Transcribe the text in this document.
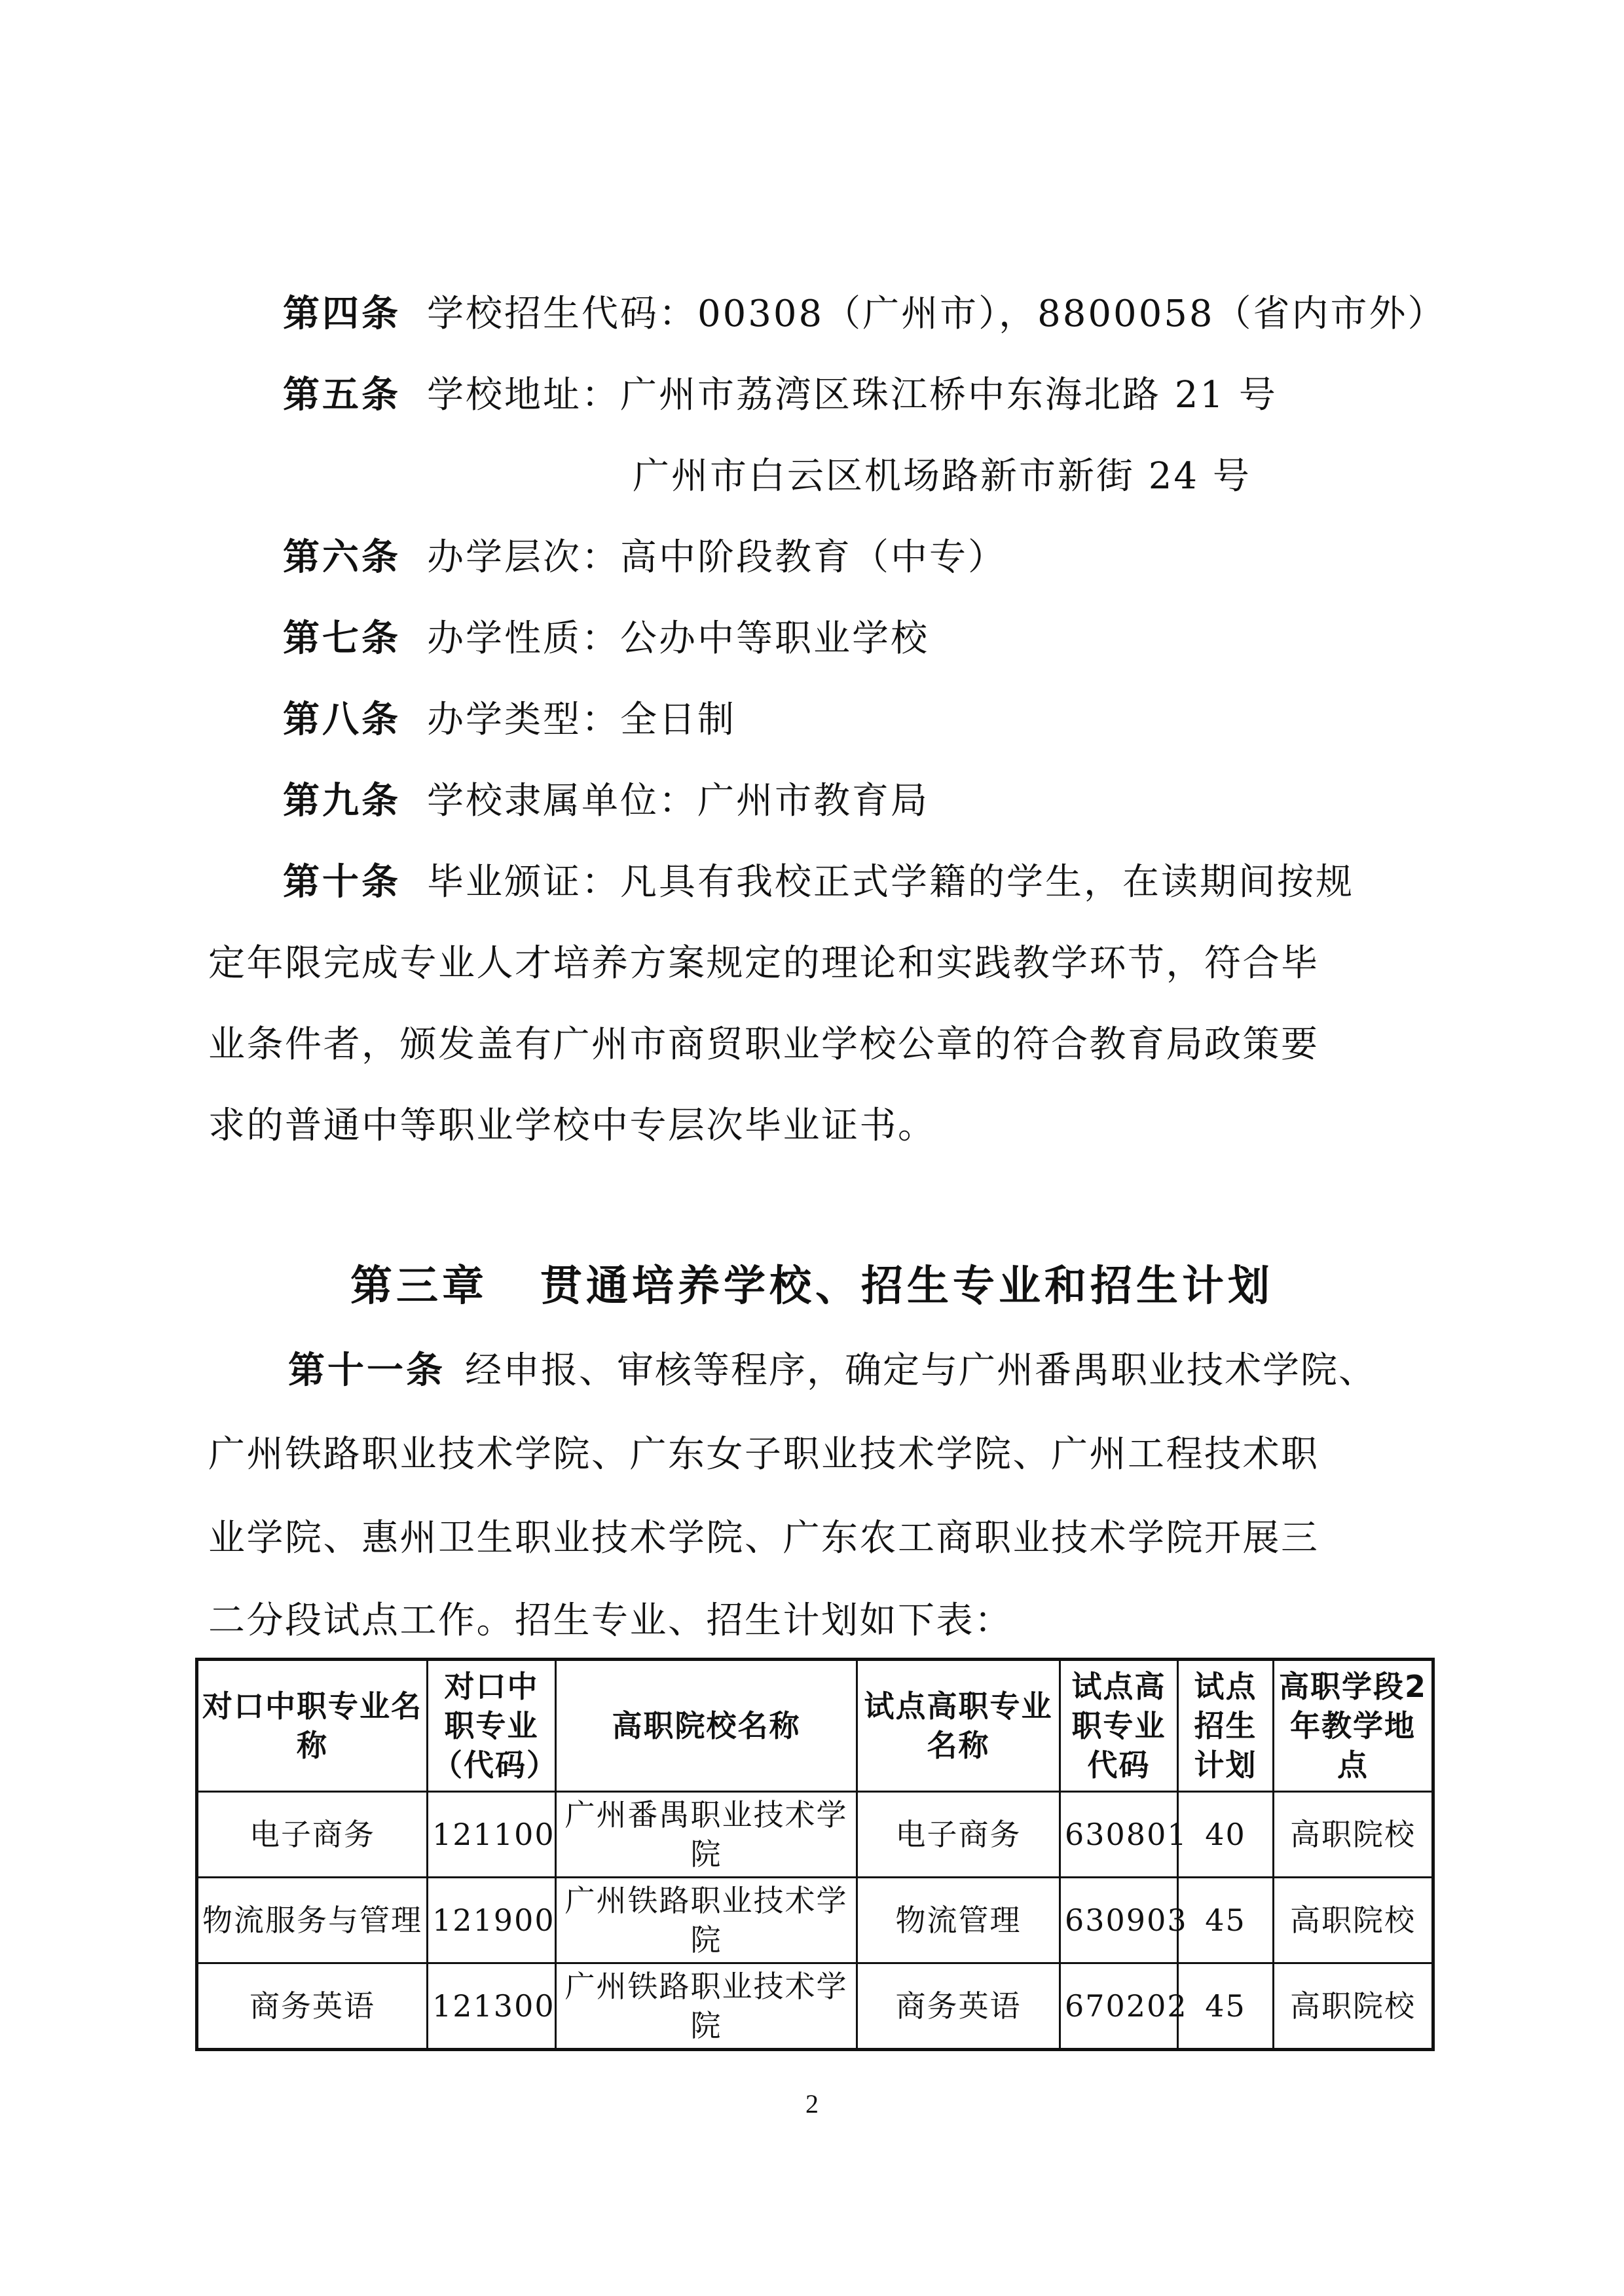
第四条 学校招生代码：00308（广州市），8800058（省内市外）
第五条 学校地址：广州市荔湾区珠江桥中东海北路 21 号
广州市白云区机场路新市新街 24 号
第六条 办学层次：高中阶段教育（中专）
第七条 办学性质：公办中等职业学校
第八条 办学类型：全日制
第九条 学校隶属单位：广州市教育局
第十条 毕业颁证：凡具有我校正式学籍的学生，在读期间按规
定年限完成专业人才培养方案规定的理论和实践教学环节，符合毕
业条件者，颁发盖有广州市商贸职业学校公章的符合教育局政策要
求的普通中等职业学校中专层次毕业证书。
第三章 贯通培养学校、招生专业和招生计划
第十一条 经申报、审核等程序，确定与广州番禺职业技术学院、
广州铁路职业技术学院、广东女子职业技术学院、广州工程技术职
业学院、惠州卫生职业技术学院、广东农工商职业技术学院开展三
二分段试点工作。招生专业、招生计划如下表：
对口中职专业名称	对口中职专业（代码）	高职院校名称	试点高职专业名称	试点高职专业代码	试点招生计划	高职学段2年教学地点
电子商务	121100	广州番禺职业技术学院	电子商务	630801	40	高职院校
物流服务与管理	121900	广州铁路职业技术学院	物流管理	630903	45	高职院校
商务英语	121300	广州铁路职业技术学院	商务英语	670202	45	高职院校
2
